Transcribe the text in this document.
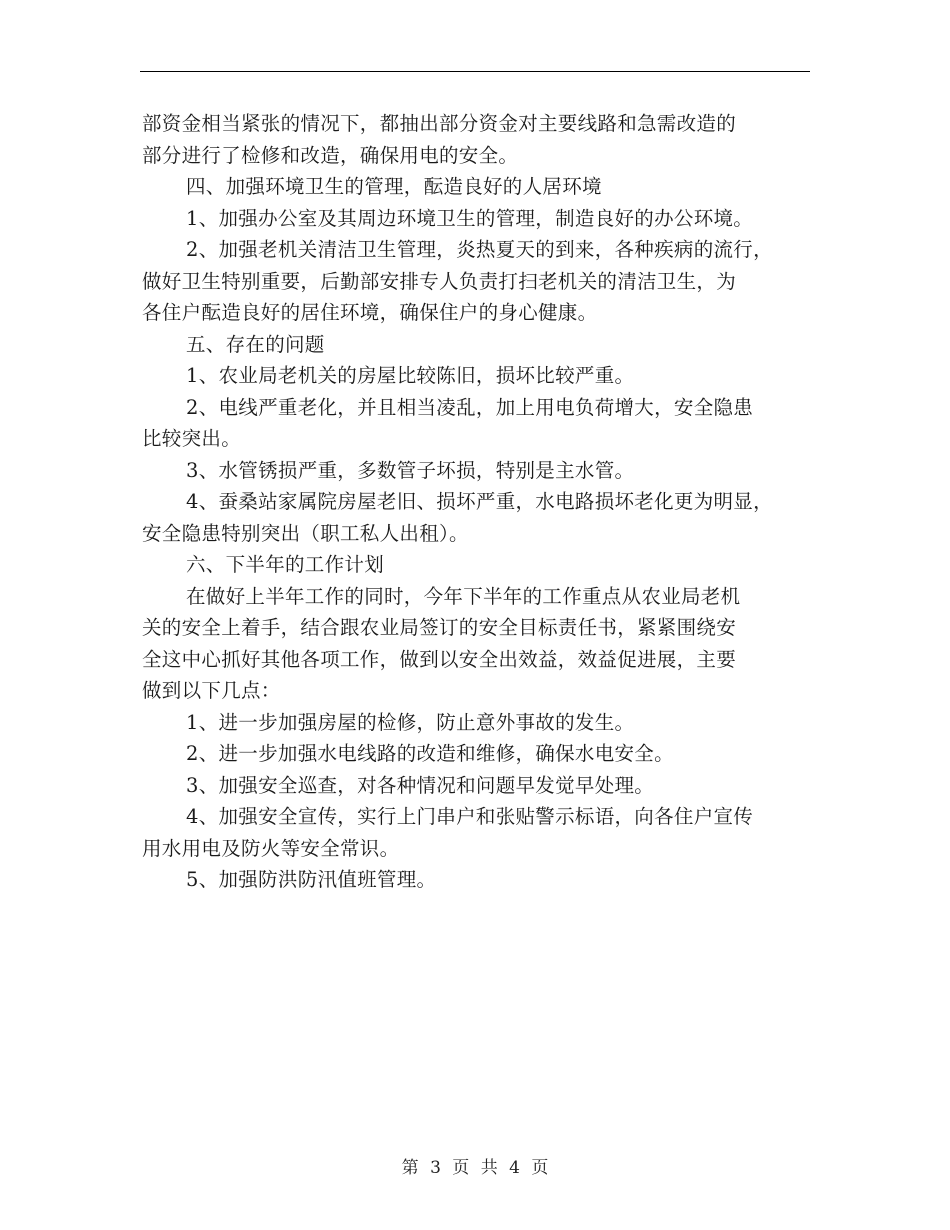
部资金相当紧张的情况下，都抽出部分资金对主要线路和急需改造的
部分进行了检修和改造，确保用电的安全。
四、加强环境卫生的管理，酝造良好的人居环境
1、加强办公室及其周边环境卫生的管理，制造良好的办公环境。
2、加强老机关清洁卫生管理，炎热夏天的到来，各种疾病的流行，
做好卫生特别重要，后勤部安排专人负责打扫老机关的清洁卫生，为
各住户酝造良好的居住环境，确保住户的身心健康。
五、存在的问题
1、农业局老机关的房屋比较陈旧，损坏比较严重。
2、电线严重老化，并且相当凌乱，加上用电负荷增大，安全隐患
比较突出。
3、水管锈损严重，多数管子坏损，特别是主水管。
4、蚕桑站家属院房屋老旧、损坏严重，水电路损坏老化更为明显，
安全隐患特别突出（职工私人出租）。
六、下半年的工作计划
在做好上半年工作的同时，今年下半年的工作重点从农业局老机
关的安全上着手，结合跟农业局签订的安全目标责任书，紧紧围绕安
全这中心抓好其他各项工作，做到以安全出效益，效益促进展，主要
做到以下几点：
1、进一步加强房屋的检修，防止意外事故的发生。
2、进一步加强水电线路的改造和维修，确保水电安全。
3、加强安全巡查，对各种情况和问题早发觉早处理。
4、加强安全宣传，实行上门串户和张贴警示标语，向各住户宣传
用水用电及防火等安全常识。
5、加强防洪防汛值班管理。
第 3 页 共 4 页
